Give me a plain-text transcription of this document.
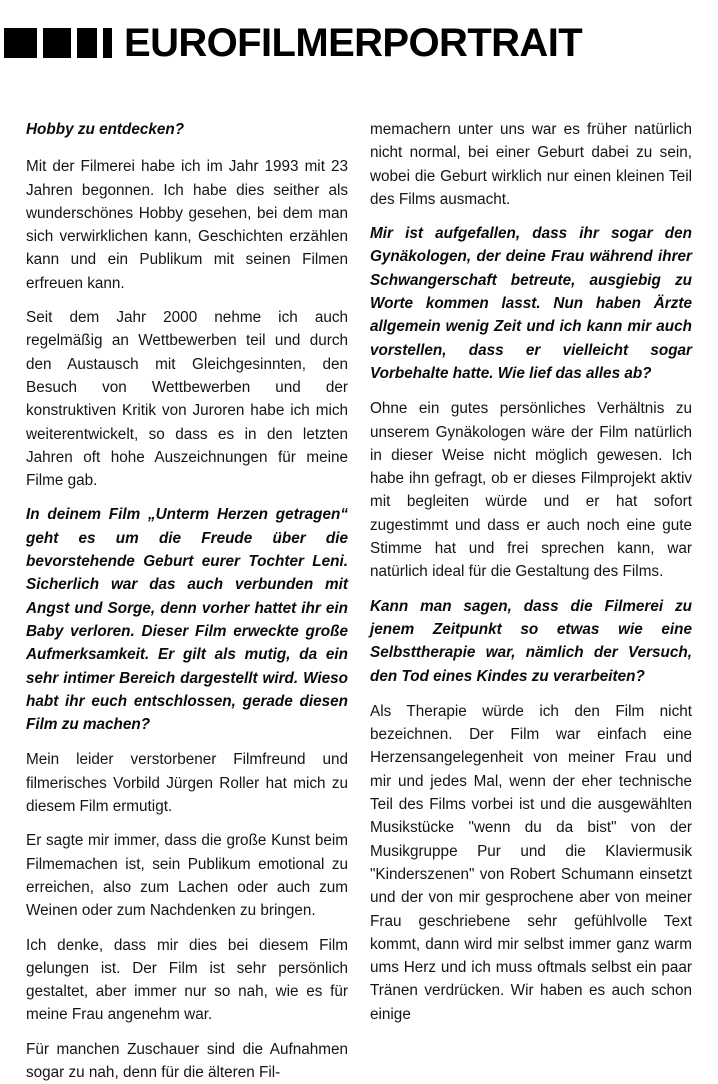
EUROFILMERPORTRAIT

Hobby zu entdecken?

Mit der Filmerei habe ich im Jahr 1993 mit 23 Jahren begonnen. Ich habe dies seither als wunderschönes Hobby gesehen, bei dem man sich verwirklichen kann, Geschichten erzählen kann und ein Publikum mit seinen Filmen erfreuen kann.

Seit dem Jahr 2000 nehme ich auch regelmäßig an Wettbewerben teil und durch den Austausch mit Gleichgesinnten, den Besuch von Wettbewerben und der konstruktiven Kritik von Juroren habe ich mich weiterentwickelt, so dass es in den letzten Jahren oft hohe Auszeichnungen für meine Filme gab.

In deinem Film „Unterm Herzen getragen“ geht es um die Freude über die bevorstehende Geburt eurer Tochter Leni. Sicherlich war das auch verbunden mit Angst und Sorge, denn vorher hattet ihr ein Baby verloren. Dieser Film erweckte große Aufmerksamkeit. Er gilt als mutig, da ein sehr intimer Bereich dargestellt wird. Wieso habt ihr euch entschlossen, gerade diesen Film zu machen?

Mein leider verstorbener Filmfreund und filmerisches Vorbild Jürgen Roller hat mich zu diesem Film ermutigt.

Er sagte mir immer, dass die große Kunst beim Filmemachen ist, sein Publikum emotional zu erreichen, also zum Lachen oder auch zum Weinen oder zum Nachdenken zu bringen.

Ich denke, dass mir dies bei diesem Film gelungen ist. Der Film ist sehr persönlich gestaltet, aber immer nur so nah, wie es für meine Frau angenehm war.

Für manchen Zuschauer sind die Aufnahmen sogar zu nah, denn für die älteren Fil-

memachern unter uns war es früher natürlich nicht normal, bei einer Geburt dabei zu sein, wobei die Geburt wirklich nur einen kleinen Teil des Films ausmacht.

Mir ist aufgefallen, dass ihr sogar den Gynäkologen, der deine Frau während ihrer Schwangerschaft betreute, ausgiebig zu Worte kommen lasst. Nun haben Ärzte allgemein wenig Zeit und ich kann mir auch vorstellen, dass er vielleicht sogar Vorbehalte hatte. Wie lief das alles ab?

Ohne ein gutes persönliches Verhältnis zu unserem Gynäkologen wäre der Film natürlich in dieser Weise nicht möglich gewesen. Ich habe ihn gefragt, ob er dieses Filmprojekt aktiv mit begleiten würde und er hat sofort zugestimmt und dass er auch noch eine gute Stimme hat und frei sprechen kann, war natürlich ideal für die Gestaltung des Films.

Kann man sagen, dass die Filmerei zu jenem Zeitpunkt so etwas wie eine Selbsttherapie war, nämlich der Versuch, den Tod eines Kindes zu verarbeiten?

Als Therapie würde ich den Film nicht bezeichnen. Der Film war einfach eine Herzensangelegenheit von meiner Frau und mir und jedes Mal, wenn der eher technische Teil des Films vorbei ist und die ausgewählten Musikstücke "wenn du da bist" von der Musikgruppe Pur und die Klaviermusik "Kinderszenen" von Robert Schumann einsetzt und der von mir gesprochene aber von meiner Frau geschriebene sehr gefühlvolle Text kommt, dann wird mir selbst immer ganz warm ums Herz und ich muss oftmals selbst ein paar Tränen verdrücken. Wir haben es auch schon einige
